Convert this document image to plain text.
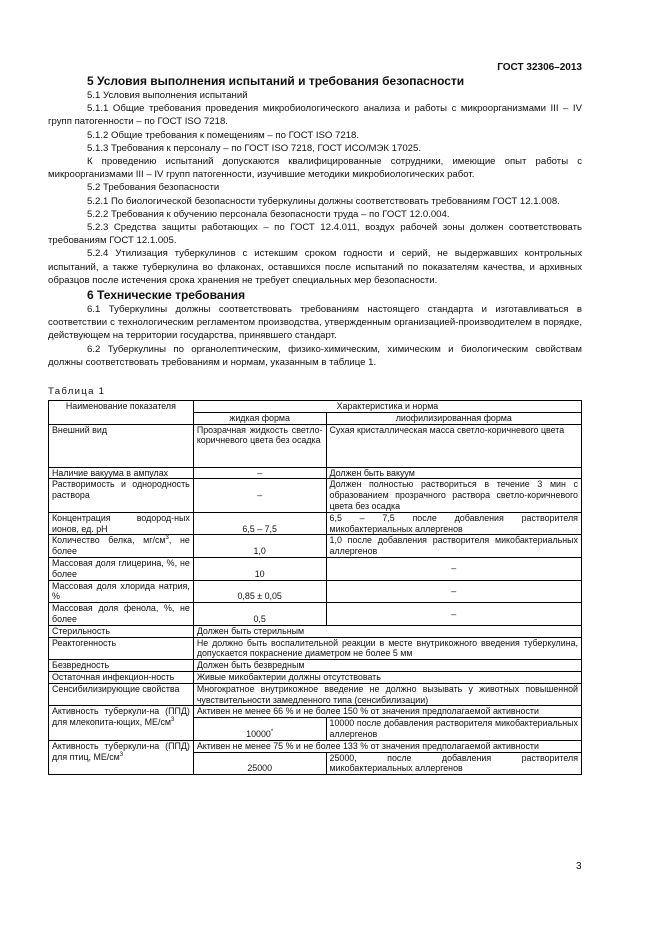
ГОСТ 32306–2013
5 Условия выполнения испытаний и требования безопасности

5.1 Условия выполнения испытаний

5.1.1 Общие требования проведения микробиологического анализа и работы с микроорганизмами III – IV групп патогенности – по ГОСТ ISO 7218.

5.1.2 Общие требования к помещениям – по ГОСТ ISO 7218.

5.1.3 Требования к персоналу – по ГОСТ ISO 7218, ГОСТ ИСО/МЭК 17025.

К проведению испытаний допускаются квалифицированные сотрудники, имеющие опыт работы с микроорганизмами III – IV групп патогенности, изучившие методики микробиологических работ.

5.2 Требования безопасности

5.2.1 По биологической безопасности туберкулины должны соответствовать требованиям ГОСТ 12.1.008.

5.2.2 Требования к обучению персонала безопасности труда – по ГОСТ 12.0.004.

5.2.3 Средства защиты работающих – по ГОСТ 12.4.011, воздух рабочей зоны должен соответствовать требованиям ГОСТ 12.1.005.

5.2.4 Утилизация туберкулинов с истекшим сроком годности и серий, не выдержавших контрольных испытаний, а также туберкулина во флаконах, оставшихся после испытаний по показателям качества, и архивных образцов после истечения срока хранения не требует специальных мер безопасности.

6 Технические требования

6.1 Туберкулины должны соответствовать требованиям настоящего стандарта и изготавливаться в соответствии с технологическим регламентом производства, утвержденным организацией-производителем в порядке, действующем на территории государства, принявшего стандарт.

6.2 Туберкулины по органолептическим, физико-химическим, химическим и биологическим свойствам должны соответствовать требованиям и нормам, указанным в таблице 1.

Таблица 1
Наименование показателя	Характеристика и норма	
	жидкая форма	лиофилизированная форма
Внешний вид	Прозрачная жидкость светло-коричневого цвета без осадка	Сухая кристаллическая масса светло-коричневого цвета
Наличие вакуума в ампулах	–	Должен быть вакуум
Растворимость и однородность раствора	–	Должен полностью раствориться в течение 3 мин с образованием прозрачного раствора светло-коричневого цвета без осадка
Концентрация водород-ных ионов, ед. рН	6,5 – 7,5	6,5 – 7,5 после добавления растворителя микобактериальных аллергенов
Количество белка, $мг/см^3$, не более	1,0	1,0 после добавления растворителя микобактериальных аллергенов
Массовая доля глицерина, %, не более	10	–
Массовая доля хлорида натрия, %	0,85 ± 0,05	–
Массовая доля фенола, %, не более	0,5	–
Стерильность	Должен быть стерильным	
Реактогенность	Не должно быть воспалительной реакции в месте внутрикожного введения туберкулина, допускается покраснение диаметром не более 5 мм	
Безвредность	Должен быть безвредным	
Остаточная инфекцион-ность	Живые микобактерии должны отсутствовать	
Сенсибилизирующие свойства	Многократное внутрикожное введение не должно вызывать у животных повышенной чувствительности замедленного типа (сенсибилизации)	
Активность туберкули-на (ППД) для млекопита-ющих, $МЕ/см^3$	Активен не менее 66 % и не более 150 % от значения предполагаемой активности	
	10000*	10000 после добавления растворителя микобактериальных аллергенов
Активность туберкули-на (ППД) для птиц, $МЕ/см^3$	Активен не менее 75 % и не более 133 % от значения предполагаемой активности	
	25000	25000, после добавления растворителя микобактериальных аллергенов
3
